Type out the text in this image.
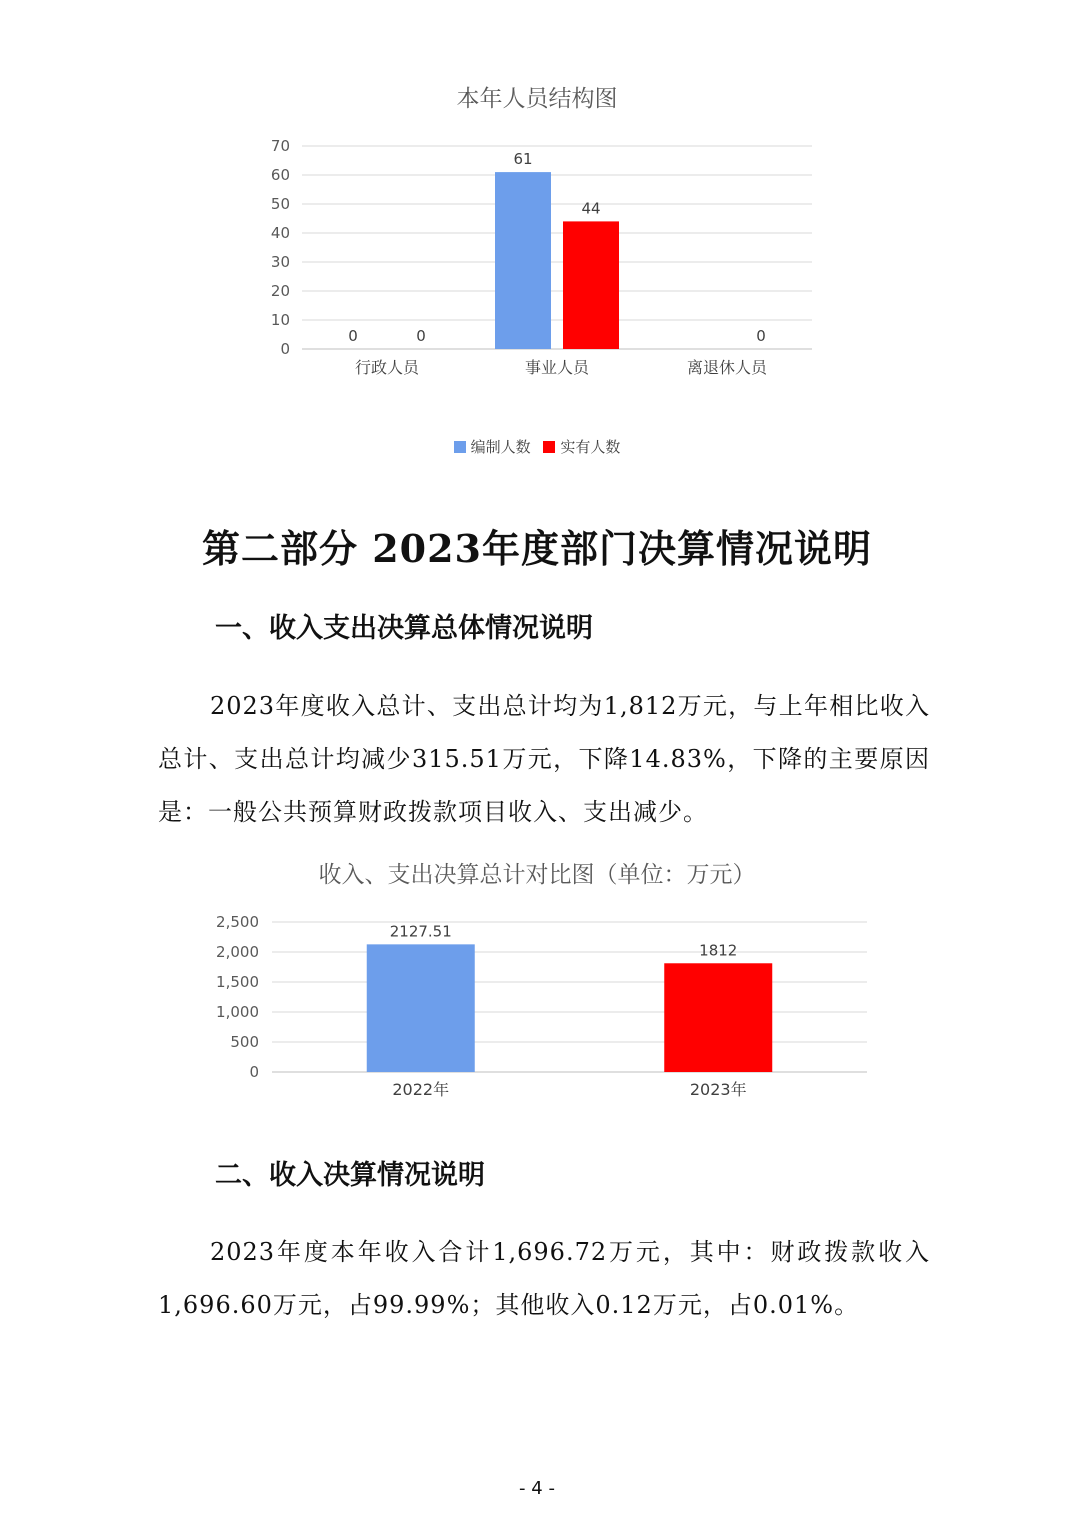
本年人员结构图
0
10
20
30
40
50
60
70
行政人员
0	0
事业人员
61
44
离退休人员
0
编制人数 实有人数
第二部分 2023年度部门决算情况说明
一、收入支出决算总体情况说明
2023年度收入总计、支出总计均为1,812万元，与上年相比收入总计、支出总计均减少315.51万元，下降14.83%，下降的主要原因是：一般公共预算财政拨款项目收入、支出减少。
收入、支出决算总计对比图（单位：万元）
0
500
1,000
1,500
2,000
2,500
2127.51
2022年
1812
2023年
二、收入决算情况说明
2023年度本年收入合计1,696.72万元，其中：财政拨款收入1,696.60万元，占99.99%；其他收入0.12万元，占0.01%。
- 4 -
